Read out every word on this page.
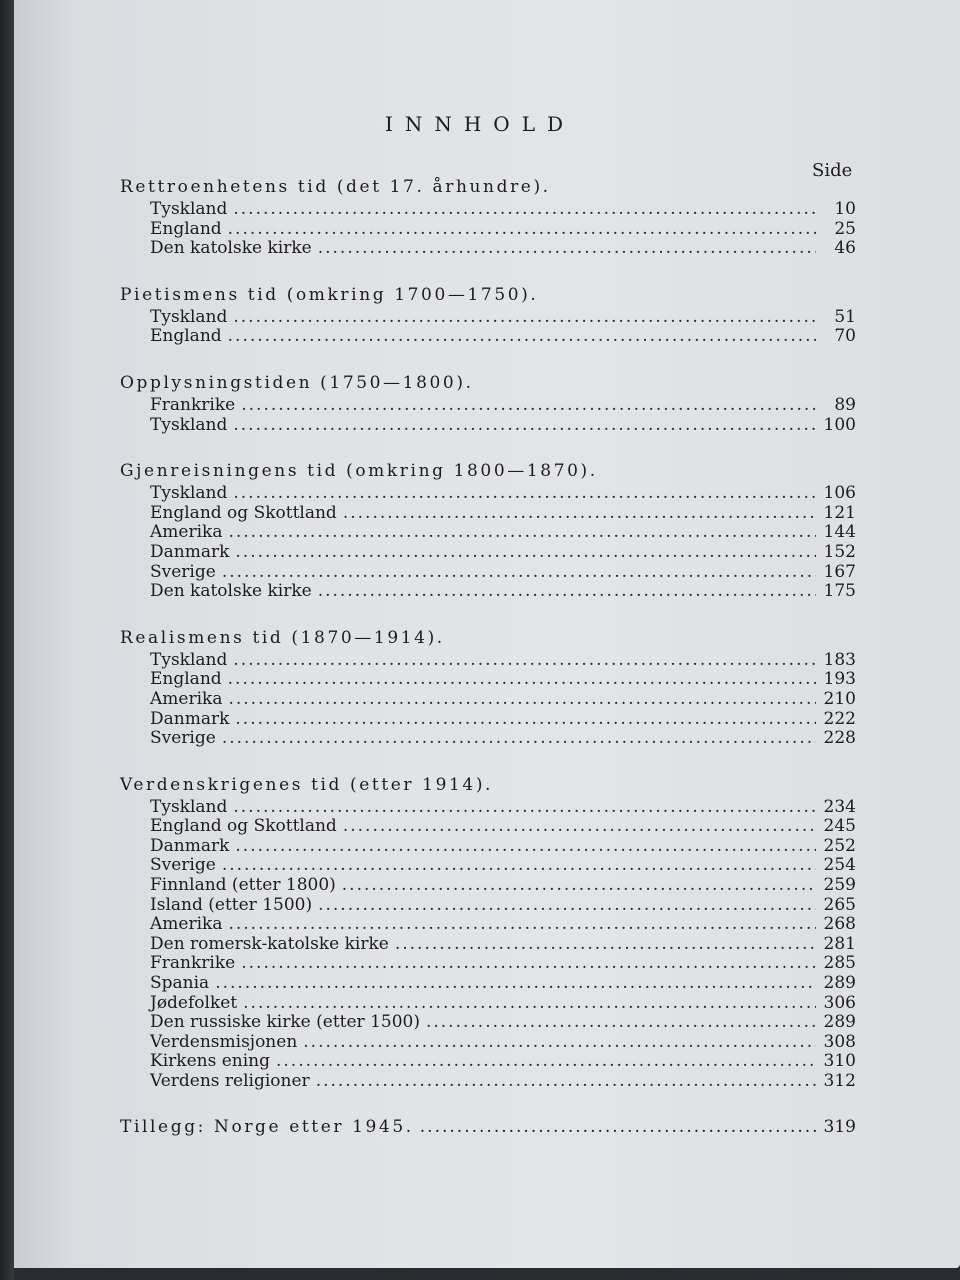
INNHOLD
Side
Rettroenhetens tid (det 17. århundre).
Tyskland .....	10
England .....	25
Den katolske kirke .....	46
Pietismens tid (omkring 1700—1750).
Tyskland .....	51
England .....	70
Opplysningstiden (1750—1800).
Frankrike .....	89
Tyskland .....	100
Gjenreisningens tid (omkring 1800—1870).
Tyskland .....	106
England og Skottland .....	121
Amerika .....	144
Danmark .....	152
Sverige .....	167
Den katolske kirke .....	175
Realismens tid (1870—1914).
Tyskland .....	183
England .....	193
Amerika .....	210
Danmark .....	222
Sverige .....	228
Verdenskrigenes tid (etter 1914).
Tyskland .....	234
England og Skottland .....	245
Danmark .....	252
Sverige .....	254
Finnland (etter 1800) .....	259
Island (etter 1500) .....	265
Amerika .....	268
Den romersk-katolske kirke .....	281
Frankrike .....	285
Spania .....	289
Jødefolket .....	306
Den russiske kirke (etter 1500) .....	289
Verdensmisjonen .....	308
Kirkens ening .....	310
Verdens religioner .....	312
Tillegg: Norge etter 1945. .....	319
